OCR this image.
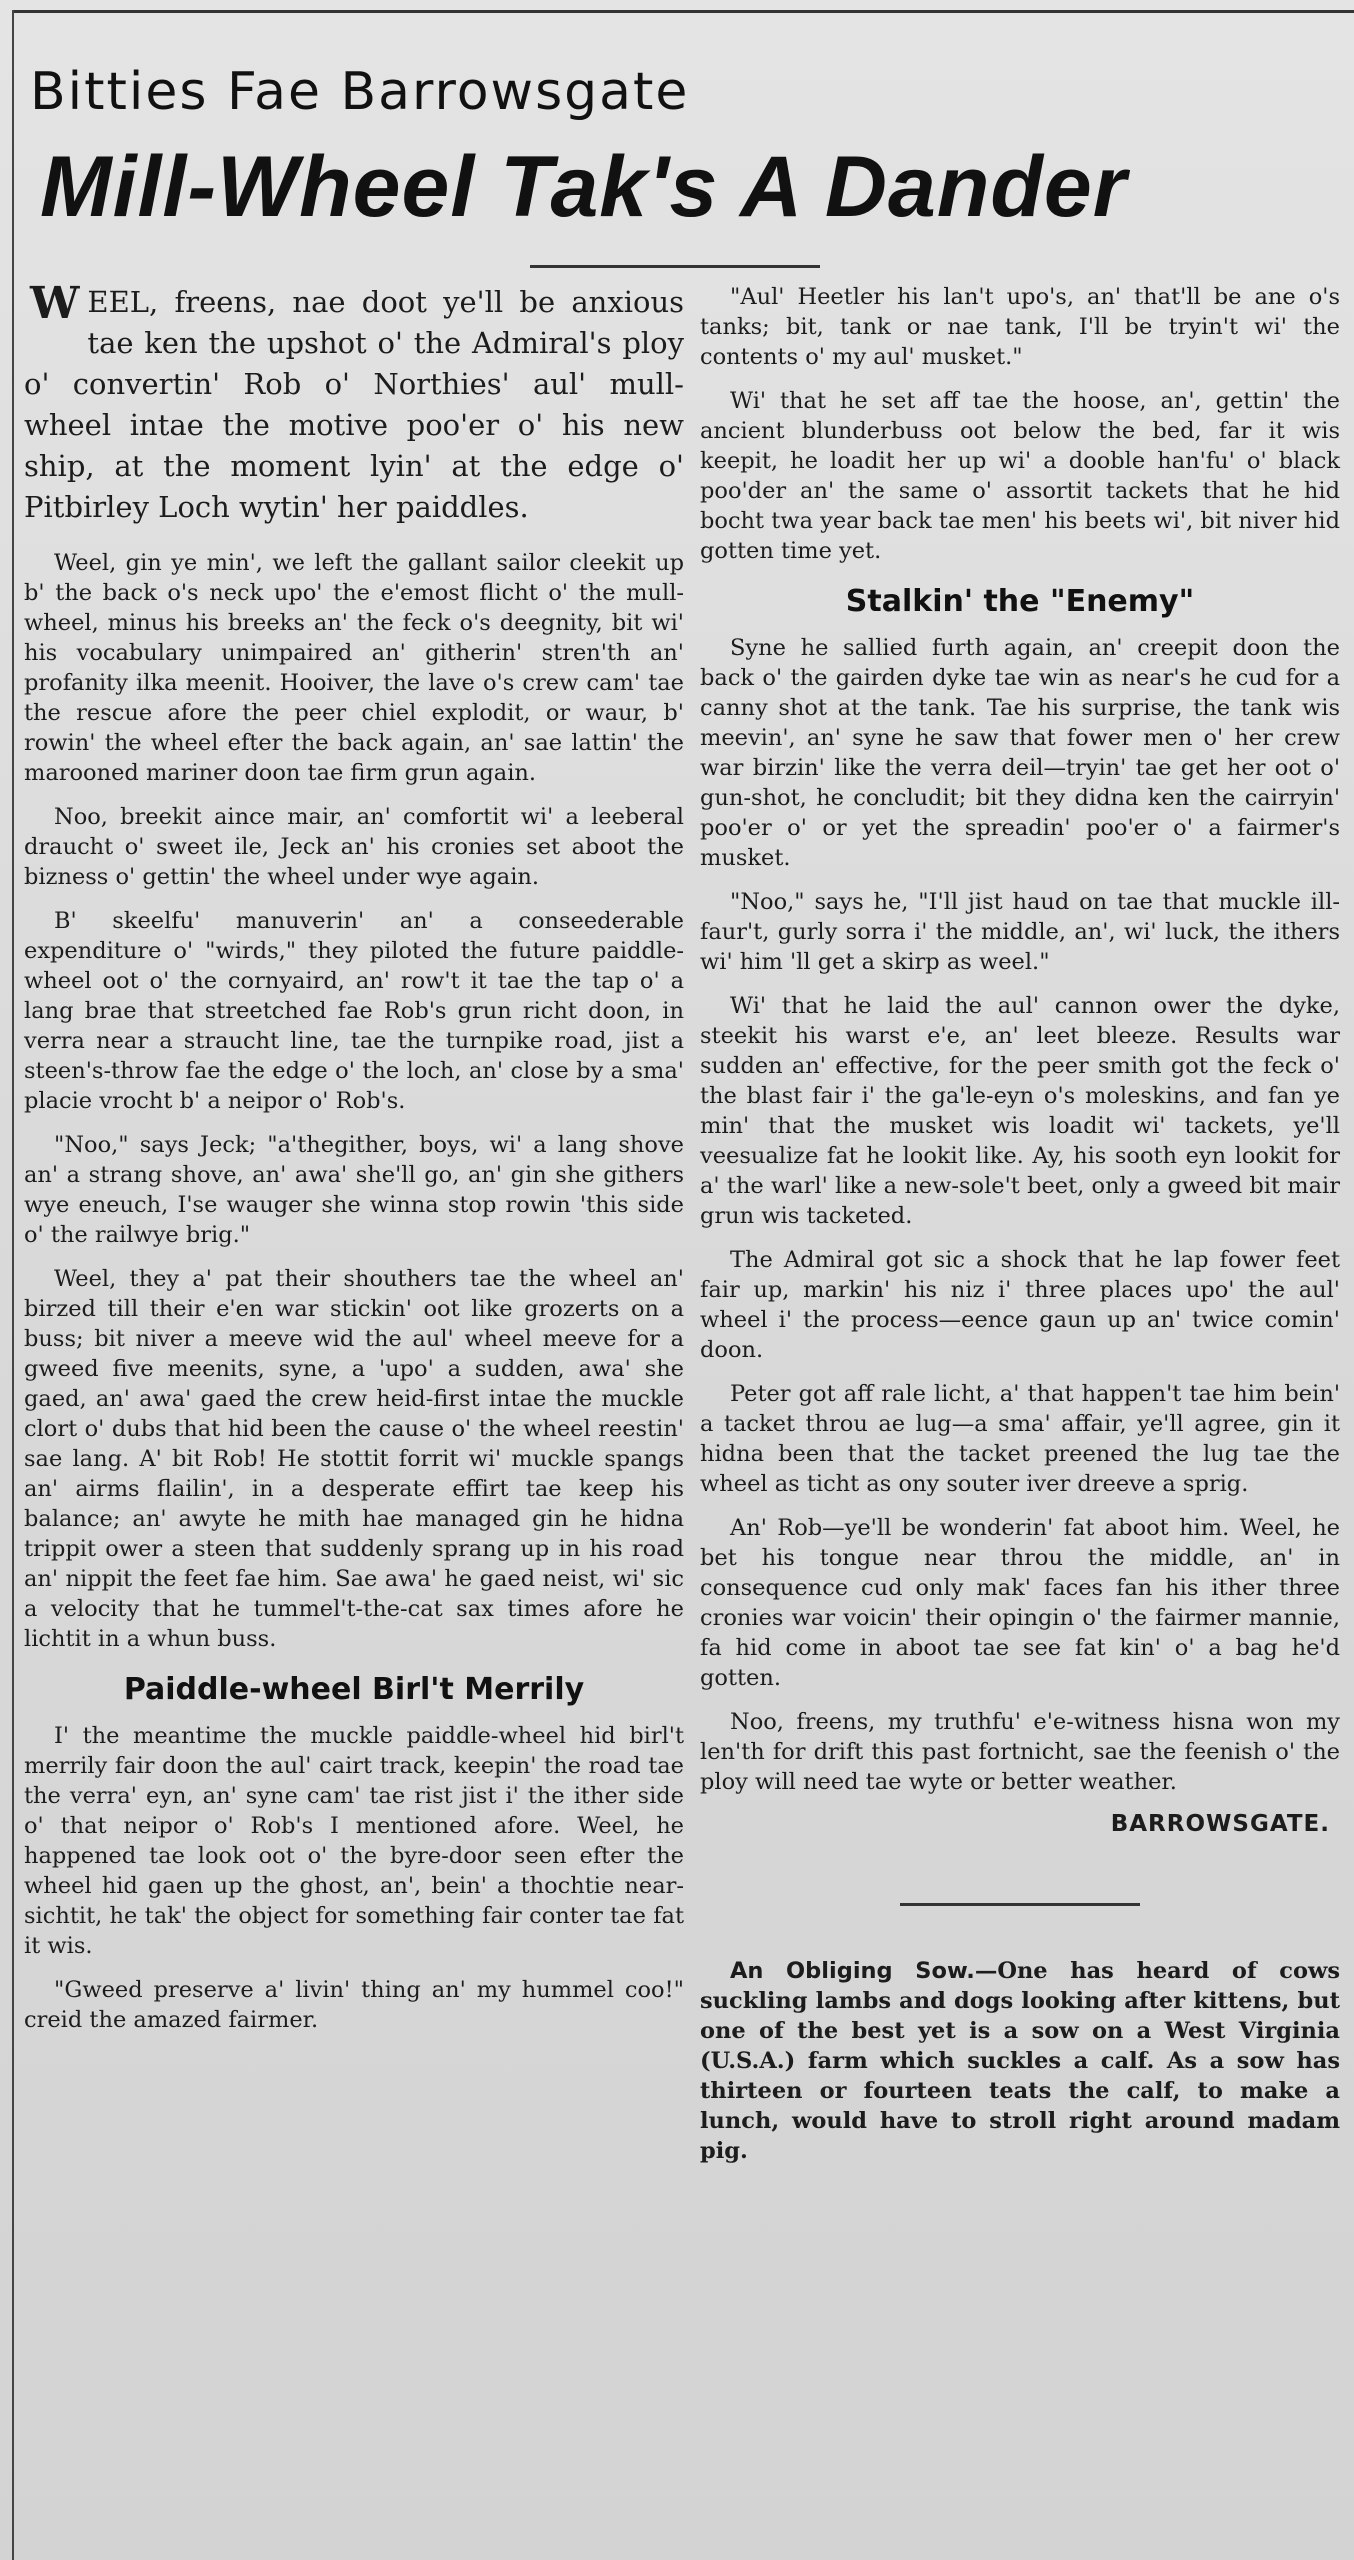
Bitties Fae Barrowsgate
Mill-Wheel Tak's A Dander

WEEL, freens, nae doot ye'll be anxious tae ken the upshot o' the Admiral's ploy o' convertin' Rob o' Northies' aul' mull-wheel intae the motive poo'er o' his new ship, at the moment lyin' at the edge o' Pitbirley Loch wytin' her paiddles.

Weel, gin ye min', we left the gallant sailor cleekit up b' the back o's neck upo' the e'emost flicht o' the mull-wheel, minus his breeks an' the feck o's deegnity, bit wi' his vocabulary unimpaired an' githerin' stren'th an' profanity ilka meenit. Hooiver, the lave o's crew cam' tae the rescue afore the peer chiel explodit, or waur, b' rowin' the wheel efter the back again, an' sae lattin' the marooned mariner doon tae firm grun again.

Noo, breekit aince mair, an' comfortit wi' a leeberal draucht o' sweet ile, Jeck an' his cronies set aboot the bizness o' gettin' the wheel under wye again.

B' skeelfu' manuverin' an' a conseederable expenditure o' "wirds," they piloted the future paiddle-wheel oot o' the cornyaird, an' row't it tae the tap o' a lang brae that streetched fae Rob's grun richt doon, in verra near a straucht line, tae the turnpike road, jist a steen's-throw fae the edge o' the loch, an' close by a sma' placie vrocht b' a neipor o' Rob's.

"Noo," says Jeck; "a'thegither, boys, wi' a lang shove an' a strang shove, an' awa' she'll go, an' gin she githers wye eneuch, I'se wauger she winna stop rowin 'this side o' the railwye brig."

Weel, they a' pat their shouthers tae the wheel an' birzed till their e'en war stickin' oot like grozerts on a buss; bit niver a meeve wid the aul' wheel meeve for a gweed five meenits, syne, a 'upo' a sudden, awa' she gaed, an' awa' gaed the crew heid-first intae the muckle clort o' dubs that hid been the cause o' the wheel reestin' sae lang. A' bit Rob! He stottit forrit wi' muckle spangs an' airms flailin', in a desperate effirt tae keep his balance; an' awyte he mith hae managed gin he hidna trippit ower a steen that suddenly sprang up in his road an' nippit the feet fae him. Sae awa' he gaed neist, wi' sic a velocity that he tummel't-the-cat sax times afore he lichtit in a whun buss.

Paiddle-wheel Birl't Merrily

I' the meantime the muckle paiddle-wheel hid birl't merrily fair doon the aul' cairt track, keepin' the road tae the verra' eyn, an' syne cam' tae rist jist i' the ither side o' that neipor o' Rob's I mentioned afore. Weel, he happened tae look oot o' the byre-door seen efter the wheel hid gaen up the ghost, an', bein' a thochtie near-sichtit, he tak' the object for something fair conter tae fat it wis.

"Gweed preserve a' livin' thing an' my hummel coo!" creid the amazed fairmer.

"Aul' Heetler his lan't upo's, an' that'll be ane o's tanks; bit, tank or nae tank, I'll be tryin't wi' the contents o' my aul' musket."

Wi' that he set aff tae the hoose, an', gettin' the ancient blunderbuss oot below the bed, far it wis keepit, he loadit her up wi' a dooble han'fu' o' black poo'der an' the same o' assortit tackets that he hid bocht twa year back tae men' his beets wi', bit niver hid gotten time yet.

Stalkin' the "Enemy"

Syne he sallied furth again, an' creepit doon the back o' the gairden dyke tae win as near's he cud for a canny shot at the tank. Tae his surprise, the tank wis meevin', an' syne he saw that fower men o' her crew war birzin' like the verra deil—tryin' tae get her oot o' gun-shot, he concludit; bit they didna ken the cairryin' poo'er o' or yet the spreadin' poo'er o' a fairmer's musket.

"Noo," says he, "I'll jist haud on tae that muckle ill-faur't, gurly sorra i' the middle, an', wi' luck, the ithers wi' him 'll get a skirp as weel."

Wi' that he laid the aul' cannon ower the dyke, steekit his warst e'e, an' leet bleeze. Results war sudden an' effective, for the peer smith got the feck o' the blast fair i' the ga'le-eyn o's moleskins, and fan ye min' that the musket wis loadit wi' tackets, ye'll veesualize fat he lookit like. Ay, his sooth eyn lookit for a' the warl' like a new-sole't beet, only a gweed bit mair grun wis tacketed.

The Admiral got sic a shock that he lap fower feet fair up, markin' his niz i' three places upo' the aul' wheel i' the process—eence gaun up an' twice comin' doon.

Peter got aff rale licht, a' that happen't tae him bein' a tacket throu ae lug—a sma' affair, ye'll agree, gin it hidna been that the tacket preened the lug tae the wheel as ticht as ony souter iver dreeve a sprig.

An' Rob—ye'll be wonderin' fat aboot him. Weel, he bet his tongue near throu the middle, an' in consequence cud only mak' faces fan his ither three cronies war voicin' their opingin o' the fairmer mannie, fa hid come in aboot tae see fat kin' o' a bag he'd gotten.

Noo, freens, my truthfu' e'e-witness hisna won my len'th for drift this past fortnicht, sae the feenish o' the ploy will need tae wyte or better weather.

BARROWSGATE.

An Obliging Sow.—One has heard of cows suckling lambs and dogs looking after kittens, but one of the best yet is a sow on a West Virginia (U.S.A.) farm which suckles a calf. As a sow has thirteen or fourteen teats the calf, to make a lunch, would have to stroll right around madam pig.
